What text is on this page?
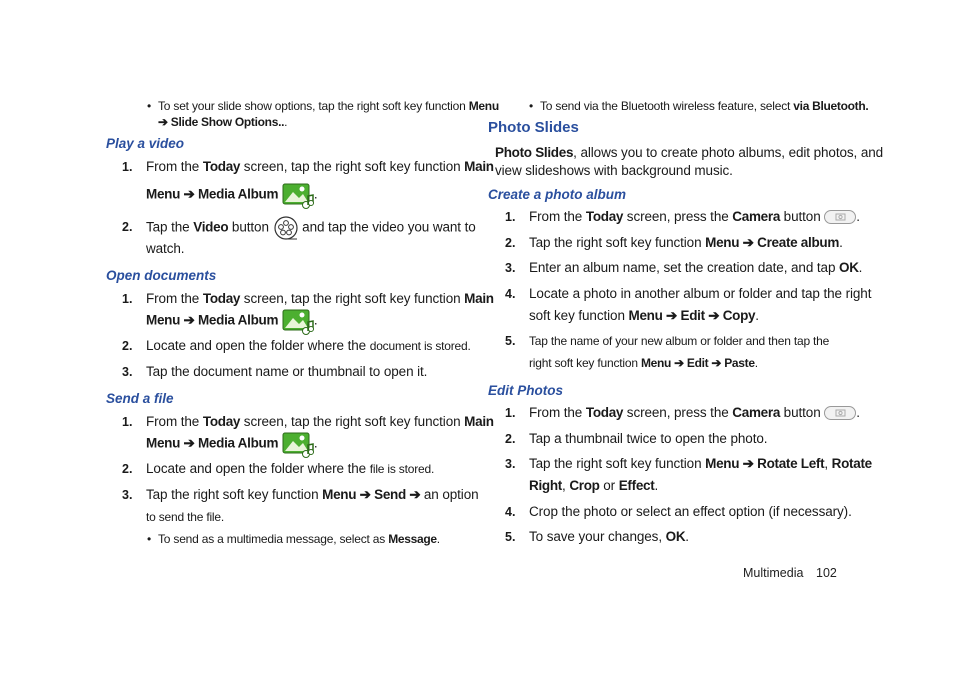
• To set your slide show options, tap the right soft key function Menu
➔ Slide Show Options...
Play a video
1. From the Today screen, tap the right soft key function Main
Menu ➔ Media Album	.
2. Tap the Video button  and tap the video you want to
watch.
Open documents
1. From the Today screen, tap the right soft key function Main
Menu ➔ Media Album	.
2. Locate and open the folder where the document is stored.
3. Tap the document name or thumbnail to open it.
Send a file
1. From the Today screen, tap the right soft key function Main
Menu ➔ Media Album	.
2. Locate and open the folder where the file is stored.
3. Tap the right soft key function Menu ➔ Send ➔ an option
to send the file.
• To send as a multimedia message, select as Message.
• To send via the Bluetooth wireless feature, select via Bluetooth.
Photo Slides
Photo Slides, allows you to create photo albums, edit photos, and
view slideshows with background music.
Create a photo album
1. From the Today screen, press the Camera button .
2. Tap the right soft key function Menu ➔ Create album.
3. Enter an album name, set the creation date, and tap OK.
4. Locate a photo in another album or folder and tap the right
soft key function Menu ➔ Edit ➔ Copy.
5. Tap the name of your new album or folder and then tap the
right soft key function Menu ➔ Edit ➔ Paste.
Edit Photos
1. From the Today screen, press the Camera button .
2. Tap a thumbnail twice to open the photo.
3. Tap the right soft key function Menu ➔ Rotate Left, Rotate
Right, Crop or Effect.
4. Crop the photo or select an effect option (if necessary).
5. To save your changes, OK.
Multimedia 102
